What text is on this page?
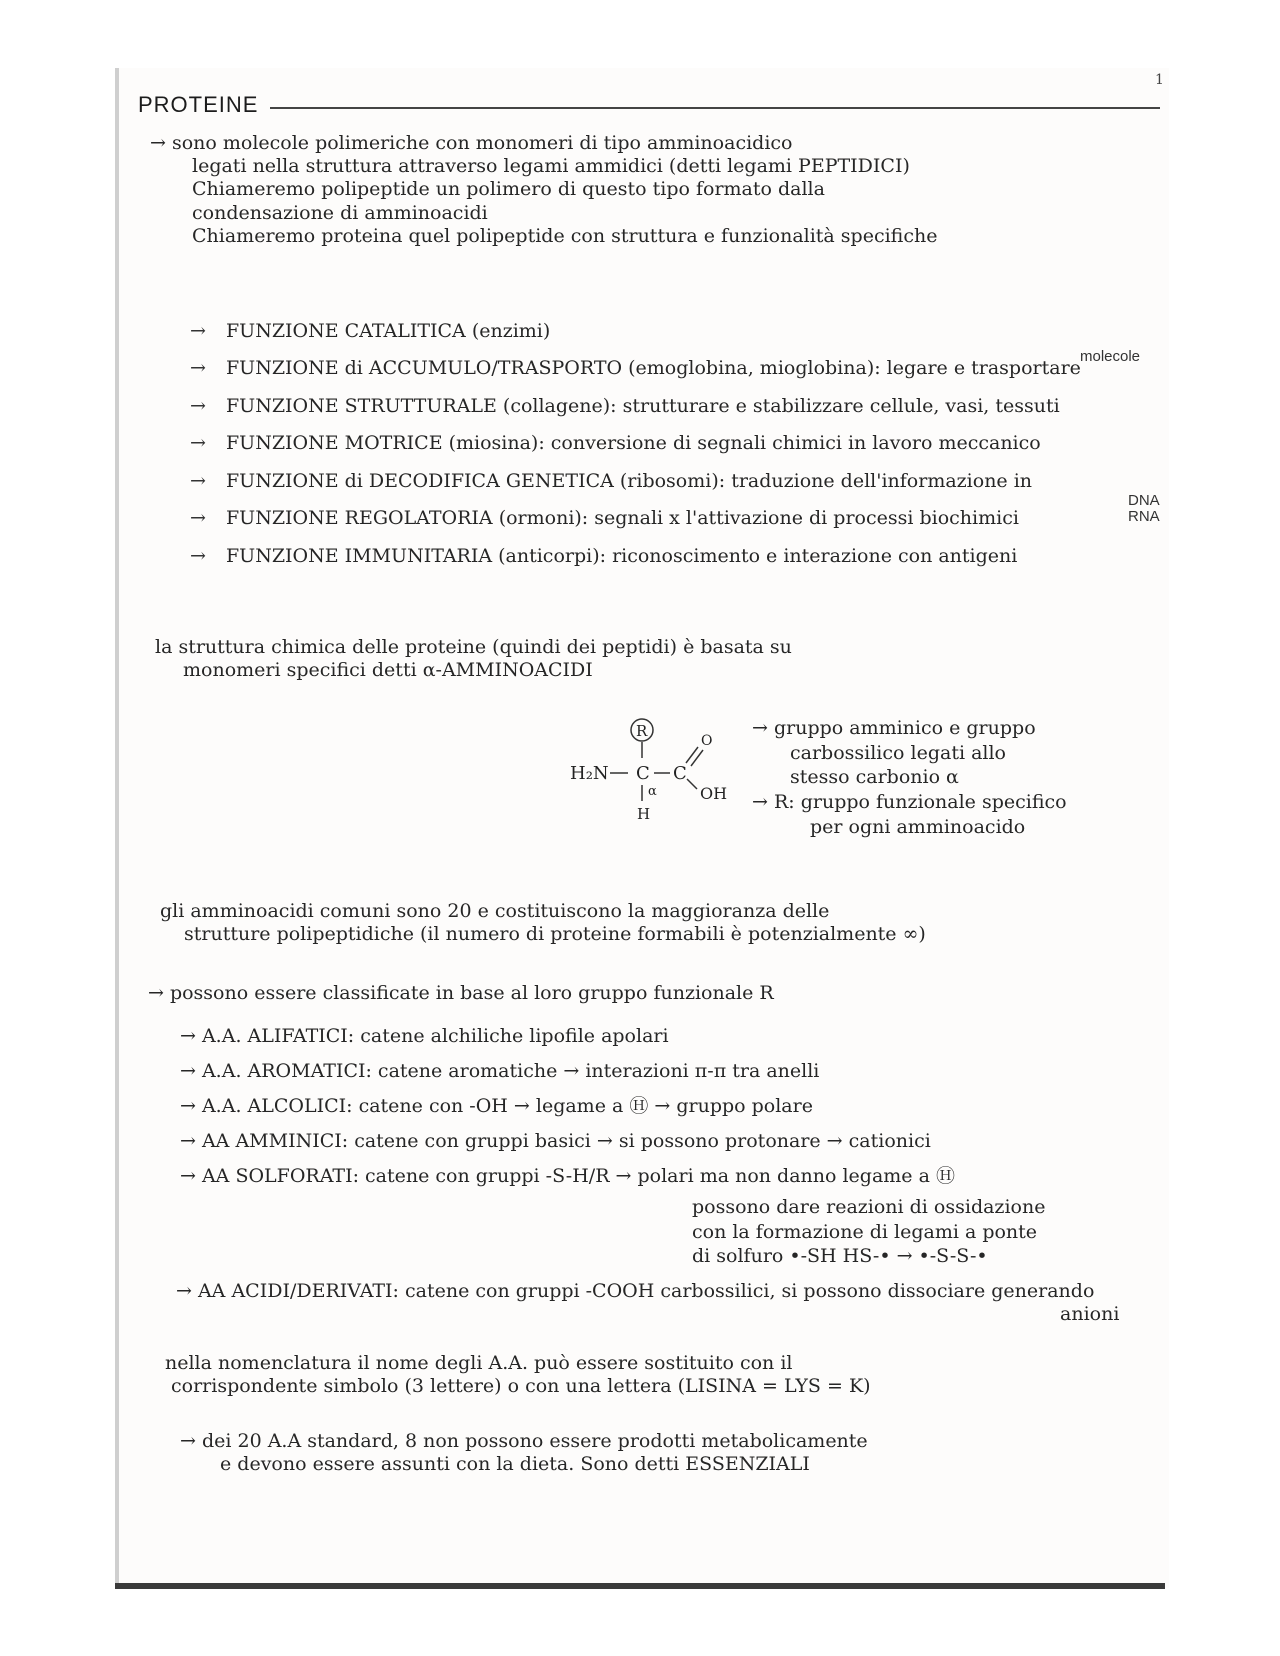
1
PROTEINE
→ sono molecole polimeriche con monomeri di tipo amminoacidico
legati nella struttura attraverso legami ammidici (detti legami PEPTIDICI)
Chiameremo polipeptide un polimero di questo tipo formato dalla
condensazione di amminoacidi
Chiameremo proteina quel polipeptide con struttura e funzionalità specifiche
→ FUNZIONE CATALITICA (enzimi)
→ FUNZIONE di ACCUMULO/TRASPORTO (emoglobina, mioglobina): legare e trasportare
→ FUNZIONE STRUTTURALE (collagene): strutturare e stabilizzare cellule, vasi, tessuti
→ FUNZIONE MOTRICE (miosina): conversione di segnali chimici in lavoro meccanico
→ FUNZIONE di DECODIFICA GENETICA (ribosomi): traduzione dell'informazione in
→ FUNZIONE REGOLATORIA (ormoni): segnali x l'attivazione di processi biochimici
→ FUNZIONE IMMUNITARIA (anticorpi): riconoscimento e interazione con antigeni
molecole
DNA
RNA
la struttura chimica delle proteine (quindi dei peptidi) è basata su
monomeri specifici detti α-AMMINOACIDI
R
H₂N C C
O
OH
α
H
→ gruppo amminico e gruppo
carbossilico legati allo
stesso carbonio α
→ R: gruppo funzionale specifico
per ogni amminoacido
gli amminoacidi comuni sono 20 e costituiscono la maggioranza delle
strutture polipeptidiche (il numero di proteine formabili è potenzialmente ∞)
→ possono essere classificate in base al loro gruppo funzionale R
→ A.A. ALIFATICI: catene alchiliche lipofile apolari
→ A.A. AROMATICI: catene aromatiche → interazioni π-π tra anelli
→ A.A. ALCOLICI: catene con -OH → legame a Ⓗ → gruppo polare
→ AA AMMINICI: catene con gruppi basici → si possono protonare → cationici
→ AA SOLFORATI: catene con gruppi -S-H/R → polari ma non danno legame a Ⓗ
possono dare reazioni di ossidazione
con la formazione di legami a ponte
di solfuro •-SH HS-• → •-S-S-•
→ AA ACIDI/DERIVATI: catene con gruppi -COOH carbossilici, si possono dissociare generando
anioni
nella nomenclatura il nome degli A.A. può essere sostituito con il
corrispondente simbolo (3 lettere) o con una lettera (LISINA = LYS = K)
→ dei 20 A.A standard, 8 non possono essere prodotti metabolicamente
e devono essere assunti con la dieta. Sono detti ESSENZIALI
